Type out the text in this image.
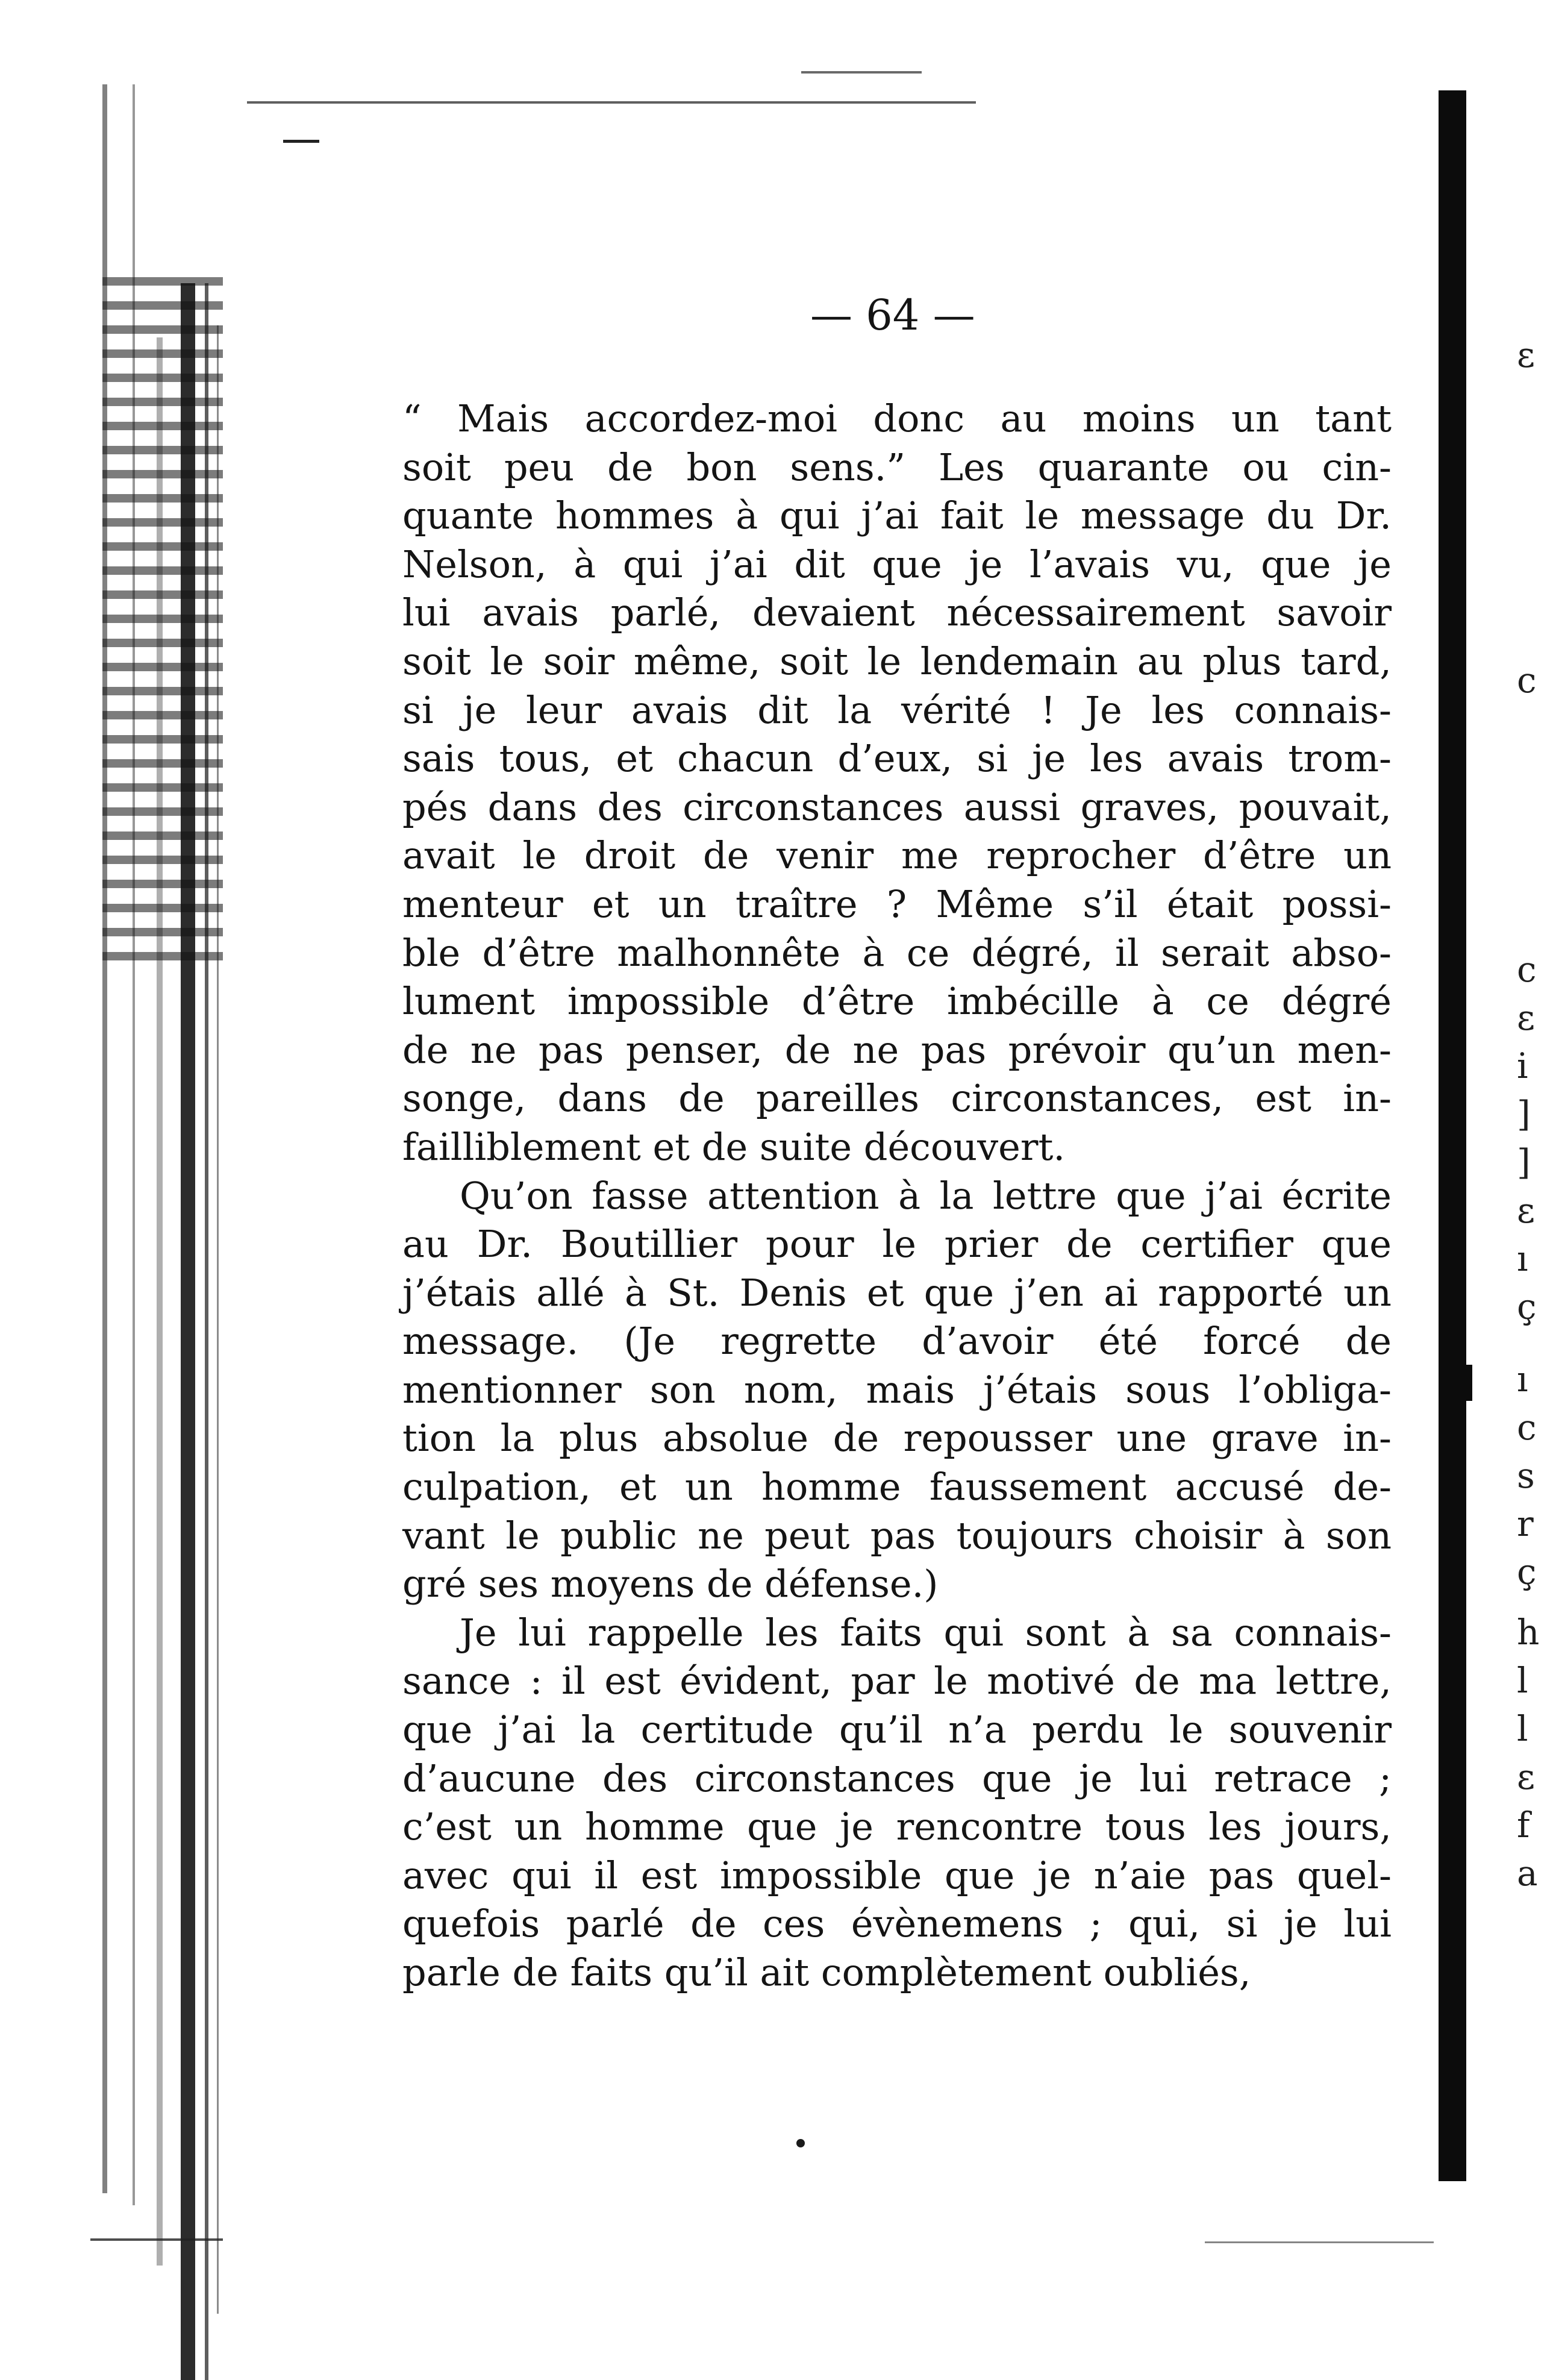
ɛ
c
c
ɛ
i
]
]
ɛ
ı
ç
ı
c
s
r
ç
h
l
l
ɛ
f
a
— 64 —
“ Mais accordez-moi donc au moins un tant
soit peu de bon sens.” Les quarante ou cin-
quante hommes à qui j’ai fait le message du Dr.
Nelson, à qui j’ai dit que je l’avais vu, que je
lui avais parlé, devaient nécessairement savoir
soit le soir même, soit le lendemain au plus tard,
si je leur avais dit la vérité ! Je les connais-
sais tous, et chacun d’eux, si je les avais trom-
pés dans des circonstances aussi graves, pouvait,
avait le droit de venir me reprocher d’être un
menteur et un traître ? Même s’il était possi-
ble d’être malhonnête à ce dégré, il serait abso-
lument impossible d’être imbécille à ce dégré
de ne pas penser, de ne pas prévoir qu’un men-
songe, dans de pareilles circonstances, est in-
failliblement et de suite découvert.
Qu’on fasse attention à la lettre que j’ai écrite
au Dr. Boutillier pour le prier de certifier que
j’étais allé à St. Denis et que j’en ai rapporté un
message. (Je regrette d’avoir été forcé de
mentionner son nom, mais j’étais sous l’obliga-
tion la plus absolue de repousser une grave in-
culpation, et un homme faussement accusé de-
vant le public ne peut pas toujours choisir à son
gré ses moyens de défense.)
Je lui rappelle les faits qui sont à sa connais-
sance : il est évident, par le motivé de ma lettre,
que j’ai la certitude qu’il n’a perdu le souvenir
d’aucune des circonstances que je lui retrace ;
c’est un homme que je rencontre tous les jours,
avec qui il est impossible que je n’aie pas quel-
quefois parlé de ces évènemens ; qui, si je lui
parle de faits qu’il ait complètement oubliés,
